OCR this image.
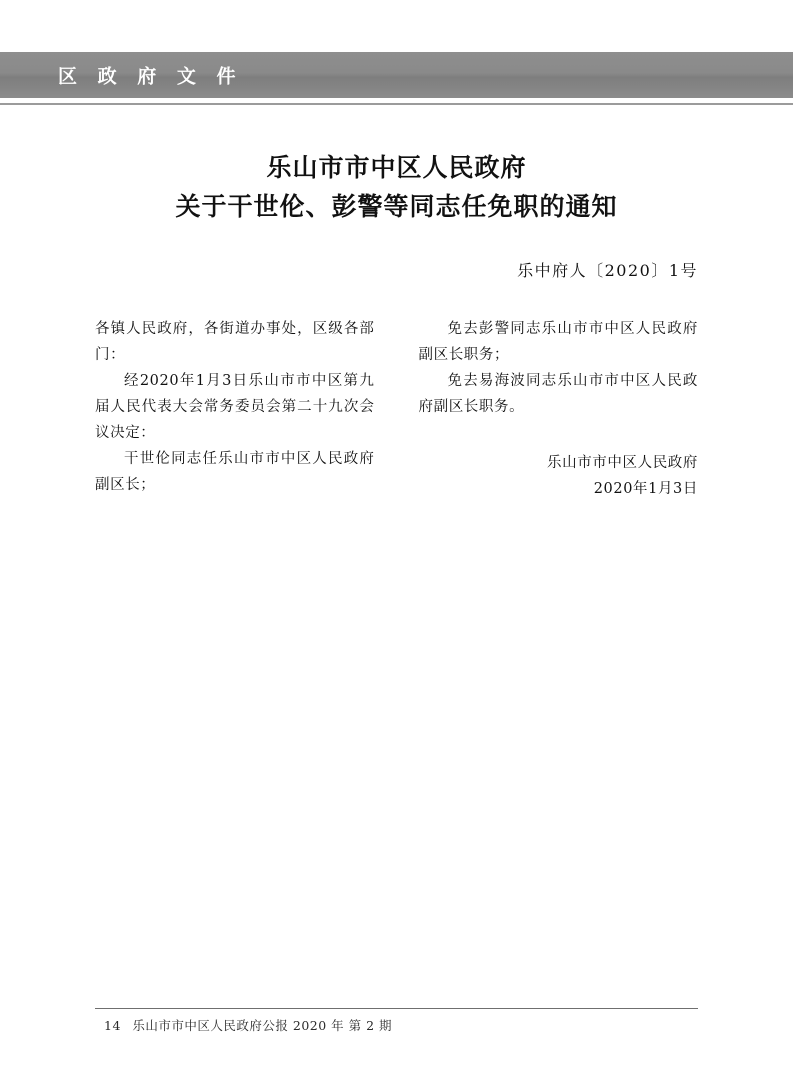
区 政 府 文 件
乐山市市中区人民政府
关于干世伦、彭警等同志任免职的通知
乐中府人〔2020〕1号

各镇人民政府，各街道办事处，区级各部门：

经2020年1月3日乐山市市中区第九届人民代表大会常务委员会第二十九次会议决定：

干世伦同志任乐山市市中区人民政府副区长；

免去彭警同志乐山市市中区人民政府副区长职务；

免去易海波同志乐山市市中区人民政府副区长职务。

乐山市市中区人民政府
2020年1月3日
14 乐山市市中区人民政府公报 2020 年 第 2 期
